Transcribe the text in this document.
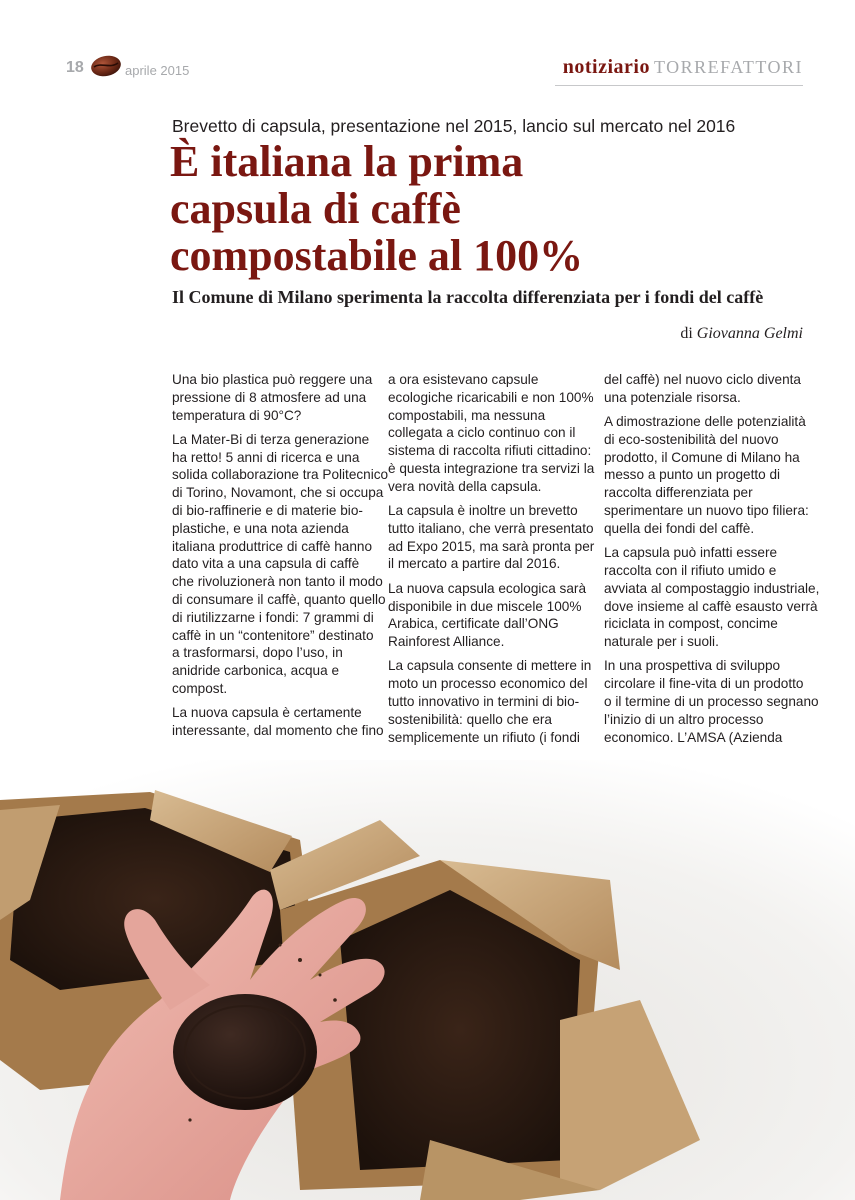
18	aprile 2015	notiziario TORREFATTORI
Brevetto di capsula, presentazione nel 2015, lancio sul mercato nel 2016
È italiana la prima
capsula di caffè
compostabile al 100%
Il Comune di Milano sperimenta la raccolta differenziata per i fondi del caffè
di Giovanna Gelmi

Una bio plastica può reggere una
pressione di 8 atmosfere ad una
temperatura di 90°C?

La Mater-Bi di terza generazione
ha retto! 5 anni di ricerca e una
solida collaborazione tra Politecnico
di Torino, Novamont, che si occupa
di bio-raffinerie e di materie bio-
plastiche, e una nota azienda
italiana produttrice di caffè hanno
dato vita a una capsula di caffè
che rivoluzionerà non tanto il modo
di consumare il caffè, quanto quello
di riutilizzarne i fondi: 7 grammi di
caffè in un “contenitore” destinato
a trasformarsi, dopo l’uso, in
anidride carbonica, acqua e
compost.

La nuova capsula è certamente
interessante, dal momento che fino

a ora esistevano capsule
ecologiche ricaricabili e non 100%
compostabili, ma nessuna
collegata a ciclo continuo con il
sistema di raccolta rifiuti cittadino:
è questa integrazione tra servizi la
vera novità della capsula.

La capsula è inoltre un brevetto
tutto italiano, che verrà presentato
ad Expo 2015, ma sarà pronta per
il mercato a partire dal 2016.

La nuova capsula ecologica sarà
disponibile in due miscele 100%
Arabica, certificate dall’ONG
Rainforest Alliance.

La capsula consente di mettere in
moto un processo economico del
tutto innovativo in termini di bio-
sostenibilità: quello che era
semplicemente un rifiuto (i fondi

del caffè) nel nuovo ciclo diventa
una potenziale risorsa.

A dimostrazione delle potenzialità
di eco-sostenibilità del nuovo
prodotto, il Comune di Milano ha
messo a punto un progetto di
raccolta differenziata per
sperimentare un nuovo tipo filiera:
quella dei fondi del caffè.

La capsula può infatti essere
raccolta con il rifiuto umido e
avviata al compostaggio industriale,
dove insieme al caffè esausto verrà
riciclata in compost, concime
naturale per i suoli.

In una prospettiva di sviluppo
circolare il fine-vita di un prodotto
o il termine di un processo segnano
l’inizio di un altro processo
economico. L’AMSA (Azienda
